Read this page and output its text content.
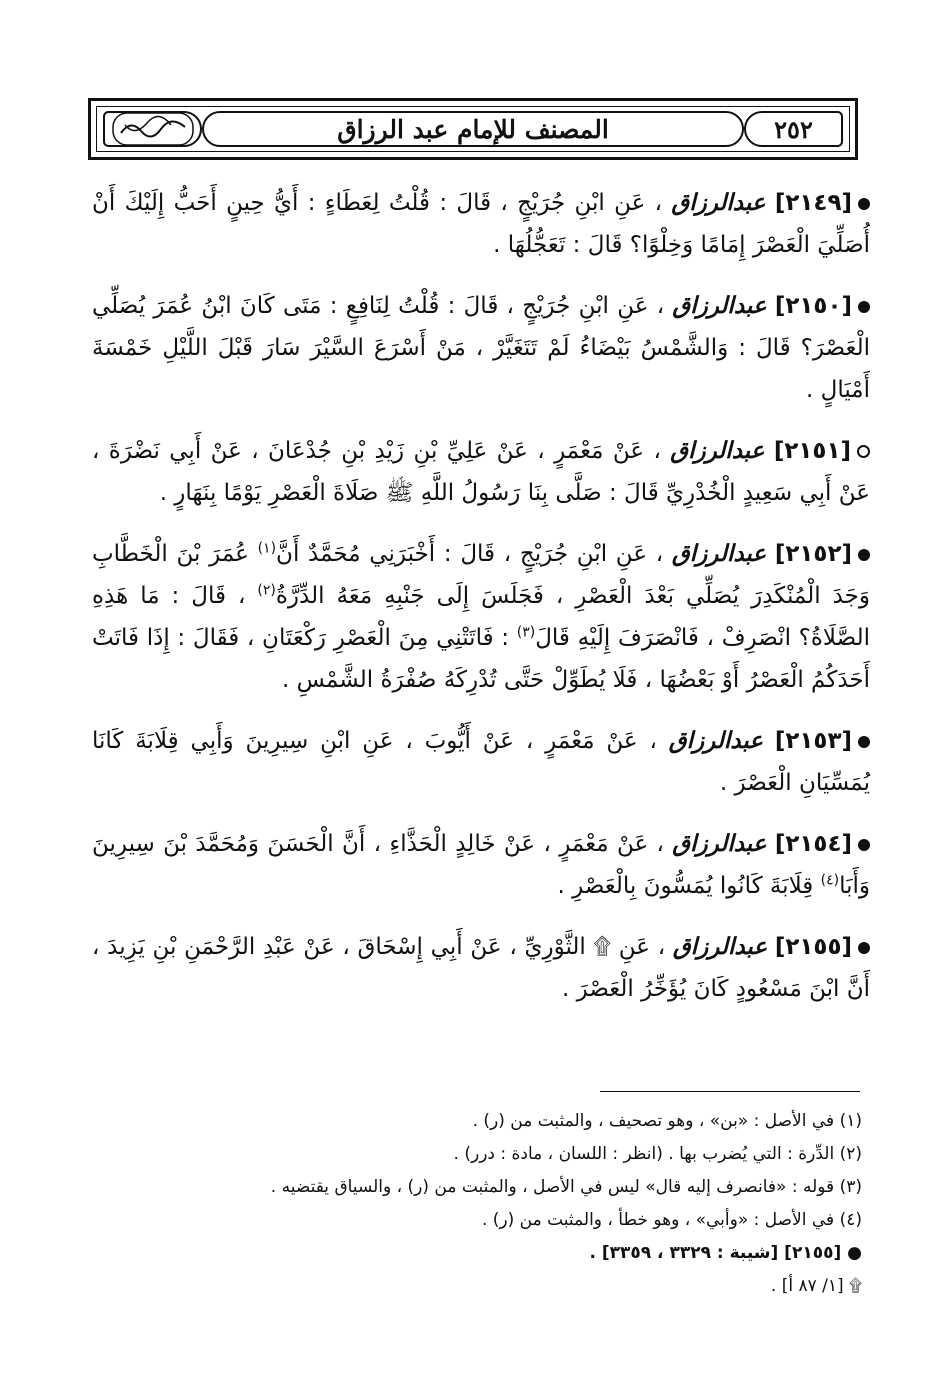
٢٥٢
المصنف للإمام عبد الرزاق

[٢١٤٩] عبدالرزاق ، عَنِ ابْنِ جُرَيْجٍ ، قَالَ : قُلْتُ لِعَطَاءٍ : أَيُّ حِينٍ أَحَبُّ إِلَيْكَ أَنْ أُصَلِّيَ الْعَصْرَ إِمَامًا وَخِلْوًا؟ قَالَ : تَعَجُّلُهَا .

[٢١٥٠] عبدالرزاق ، عَنِ ابْنِ جُرَيْجٍ ، قَالَ : قُلْتُ لِنَافِعٍ : مَتَى كَانَ ابْنُ عُمَرَ يُصَلِّي الْعَصْرَ؟ قَالَ : وَالشَّمْسُ بَيْضَاءُ لَمْ تَتَغَيَّرْ ، مَنْ أَسْرَعَ السَّيْرَ سَارَ قَبْلَ اللَّيْلِ خَمْسَةَ أَمْيَالٍ .

[٢١٥١] عبدالرزاق ، عَنْ مَعْمَرٍ ، عَنْ عَلِيِّ بْنِ زَيْدِ بْنِ جُدْعَانَ ، عَنْ أَبِي نَضْرَةَ ، عَنْ أَبِي سَعِيدٍ الْخُدْرِيِّ قَالَ : صَلَّى بِنَا رَسُولُ اللَّهِ ﷺ صَلَاةَ الْعَصْرِ يَوْمًا بِنَهَارٍ .

[٢١٥٢] عبدالرزاق ، عَنِ ابْنِ جُرَيْجٍ ، قَالَ : أَخْبَرَنِي مُحَمَّدٌ أَنَّ$^{(١)}$ عُمَرَ بْنَ الْخَطَّابِ وَجَدَ الْمُنْكَدِرَ يُصَلِّي بَعْدَ الْعَصْرِ ، فَجَلَسَ إِلَى جَنْبِهِ مَعَهُ الدِّرَّةُ$^{(٢)}$ ، قَالَ : مَا هَذِهِ الصَّلَاةُ؟ انْصَرِفْ ، فَانْصَرَفَ إِلَيْهِ قَالَ$^{(٣)}$ : فَاتَتْنِي مِنَ الْعَصْرِ رَكْعَتَانِ ، فَقَالَ : إِذَا فَاتَتْ أَحَدَكُمُ الْعَصْرُ أَوْ بَعْضُهَا ، فَلَا يُطَوِّلْ حَتَّى تُدْرِكَهُ صُفْرَةُ الشَّمْسِ .

[٢١٥٣] عبدالرزاق ، عَنْ مَعْمَرٍ ، عَنْ أَيُّوبَ ، عَنِ ابْنِ سِيرِينَ وَأَبِي قِلَابَةَ كَانَا يُمَسِّيَانِ الْعَصْرَ .

[٢١٥٤] عبدالرزاق ، عَنْ مَعْمَرٍ ، عَنْ خَالِدٍ الْحَذَّاءِ ، أَنَّ الْحَسَنَ وَمُحَمَّدَ بْنَ سِيرِينَ وَأَبَا$^{(٤)}$ قِلَابَةَ كَانُوا يُمَسُّونَ بِالْعَصْرِ .

[٢١٥٥] عبدالرزاق ، عَنِ ۩ الثَّوْرِيِّ ، عَنْ أَبِي إِسْحَاقَ ، عَنْ عَبْدِ الرَّحْمَنِ بْنِ يَزِيدَ ، أَنَّ ابْنَ مَسْعُودٍ كَانَ يُؤَخِّرُ الْعَصْرَ .

(١) في الأصل : «بن» ، وهو تصحيف ، والمثبت من (ر) .

(٢) الدِّرة : التي يُضرب بها . (انظر : اللسان ، مادة : درر) .

(٣) قوله : «فانصرف إليه قال» ليس في الأصل ، والمثبت من (ر) ، والسياق يقتضيه .

(٤) في الأصل : «وأبي» ، وهو خطأ ، والمثبت من (ر) .

● [٢١٥٥] [شيبة : ٣٣٢٩ ، ٣٣٥٩] .

۩ [١/ ٨٧ أ] .
